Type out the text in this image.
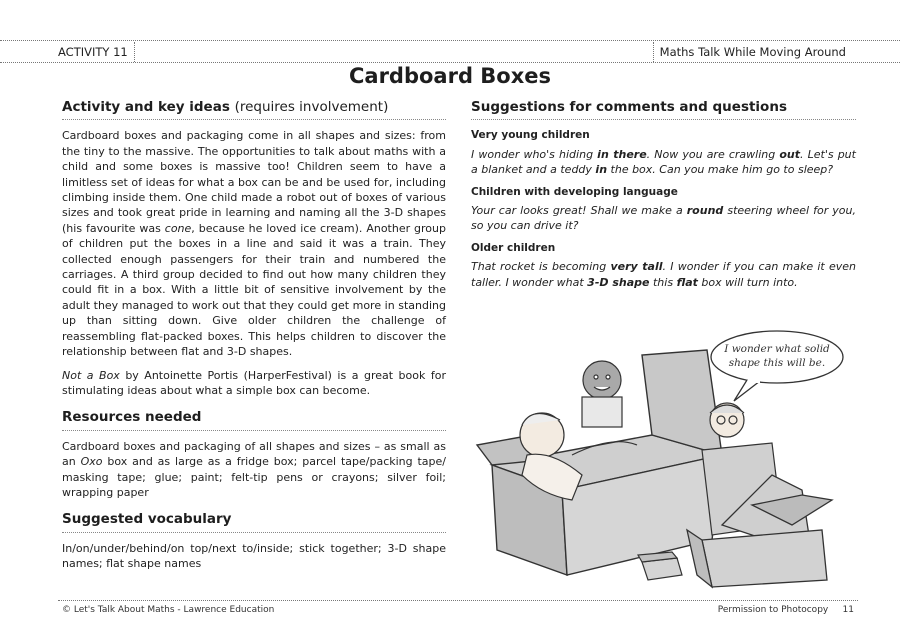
ACTIVITY 11	Maths Talk While Moving Around
Cardboard Boxes
Activity and key ideas (requires involvement)

Cardboard boxes and packaging come in all shapes and sizes: from the tiny to the massive. The opportunities to talk about maths with a child and some boxes is massive too! Children seem to have a limitless set of ideas for what a box can be and be used for, including climbing inside them. One child made a robot out of boxes of various sizes and took great pride in learning and naming all the 3-D shapes (his favourite was cone, because he loved ice cream). Another group of children put the boxes in a line and said it was a train. They collected enough passengers for their train and numbered the carriages. A third group decided to find out how many children they could fit in a box. With a little bit of sensitive involvement by the adult they managed to work out that they could get more in standing up than sitting down. Give older children the challenge of reassembling flat-packed boxes. This helps children to discover the relationship between flat and 3-D shapes.

Not a Box by Antoinette Portis (HarperFestival) is a great book for stimulating ideas about what a simple box can become.

Resources needed

Cardboard boxes and packaging of all shapes and sizes – as small as an Oxo box and as large as a fridge box; parcel tape/packing tape/ masking tape; glue; paint; felt-tip pens or crayons; silver foil; wrapping paper

Suggested vocabulary

In/on/under/behind/on top/next to/inside; stick together; 3-D shape names; flat shape names

Suggestions for comments and questions
Very young children

I wonder who's hiding in there. Now you are crawling out. Let's put a blanket and a teddy in the box. Can you make him go to sleep?

Children with developing language

Your car looks great! Shall we make a round steering wheel for you, so you can drive it?

Older children

That rocket is becoming very tall. I wonder if you can make it even taller. I wonder what 3-D shape this flat box will turn into.

I wonder what solid
shape this will be.
© Let's Talk About Maths - Lawrence Education	Permission to Photocopy     11
